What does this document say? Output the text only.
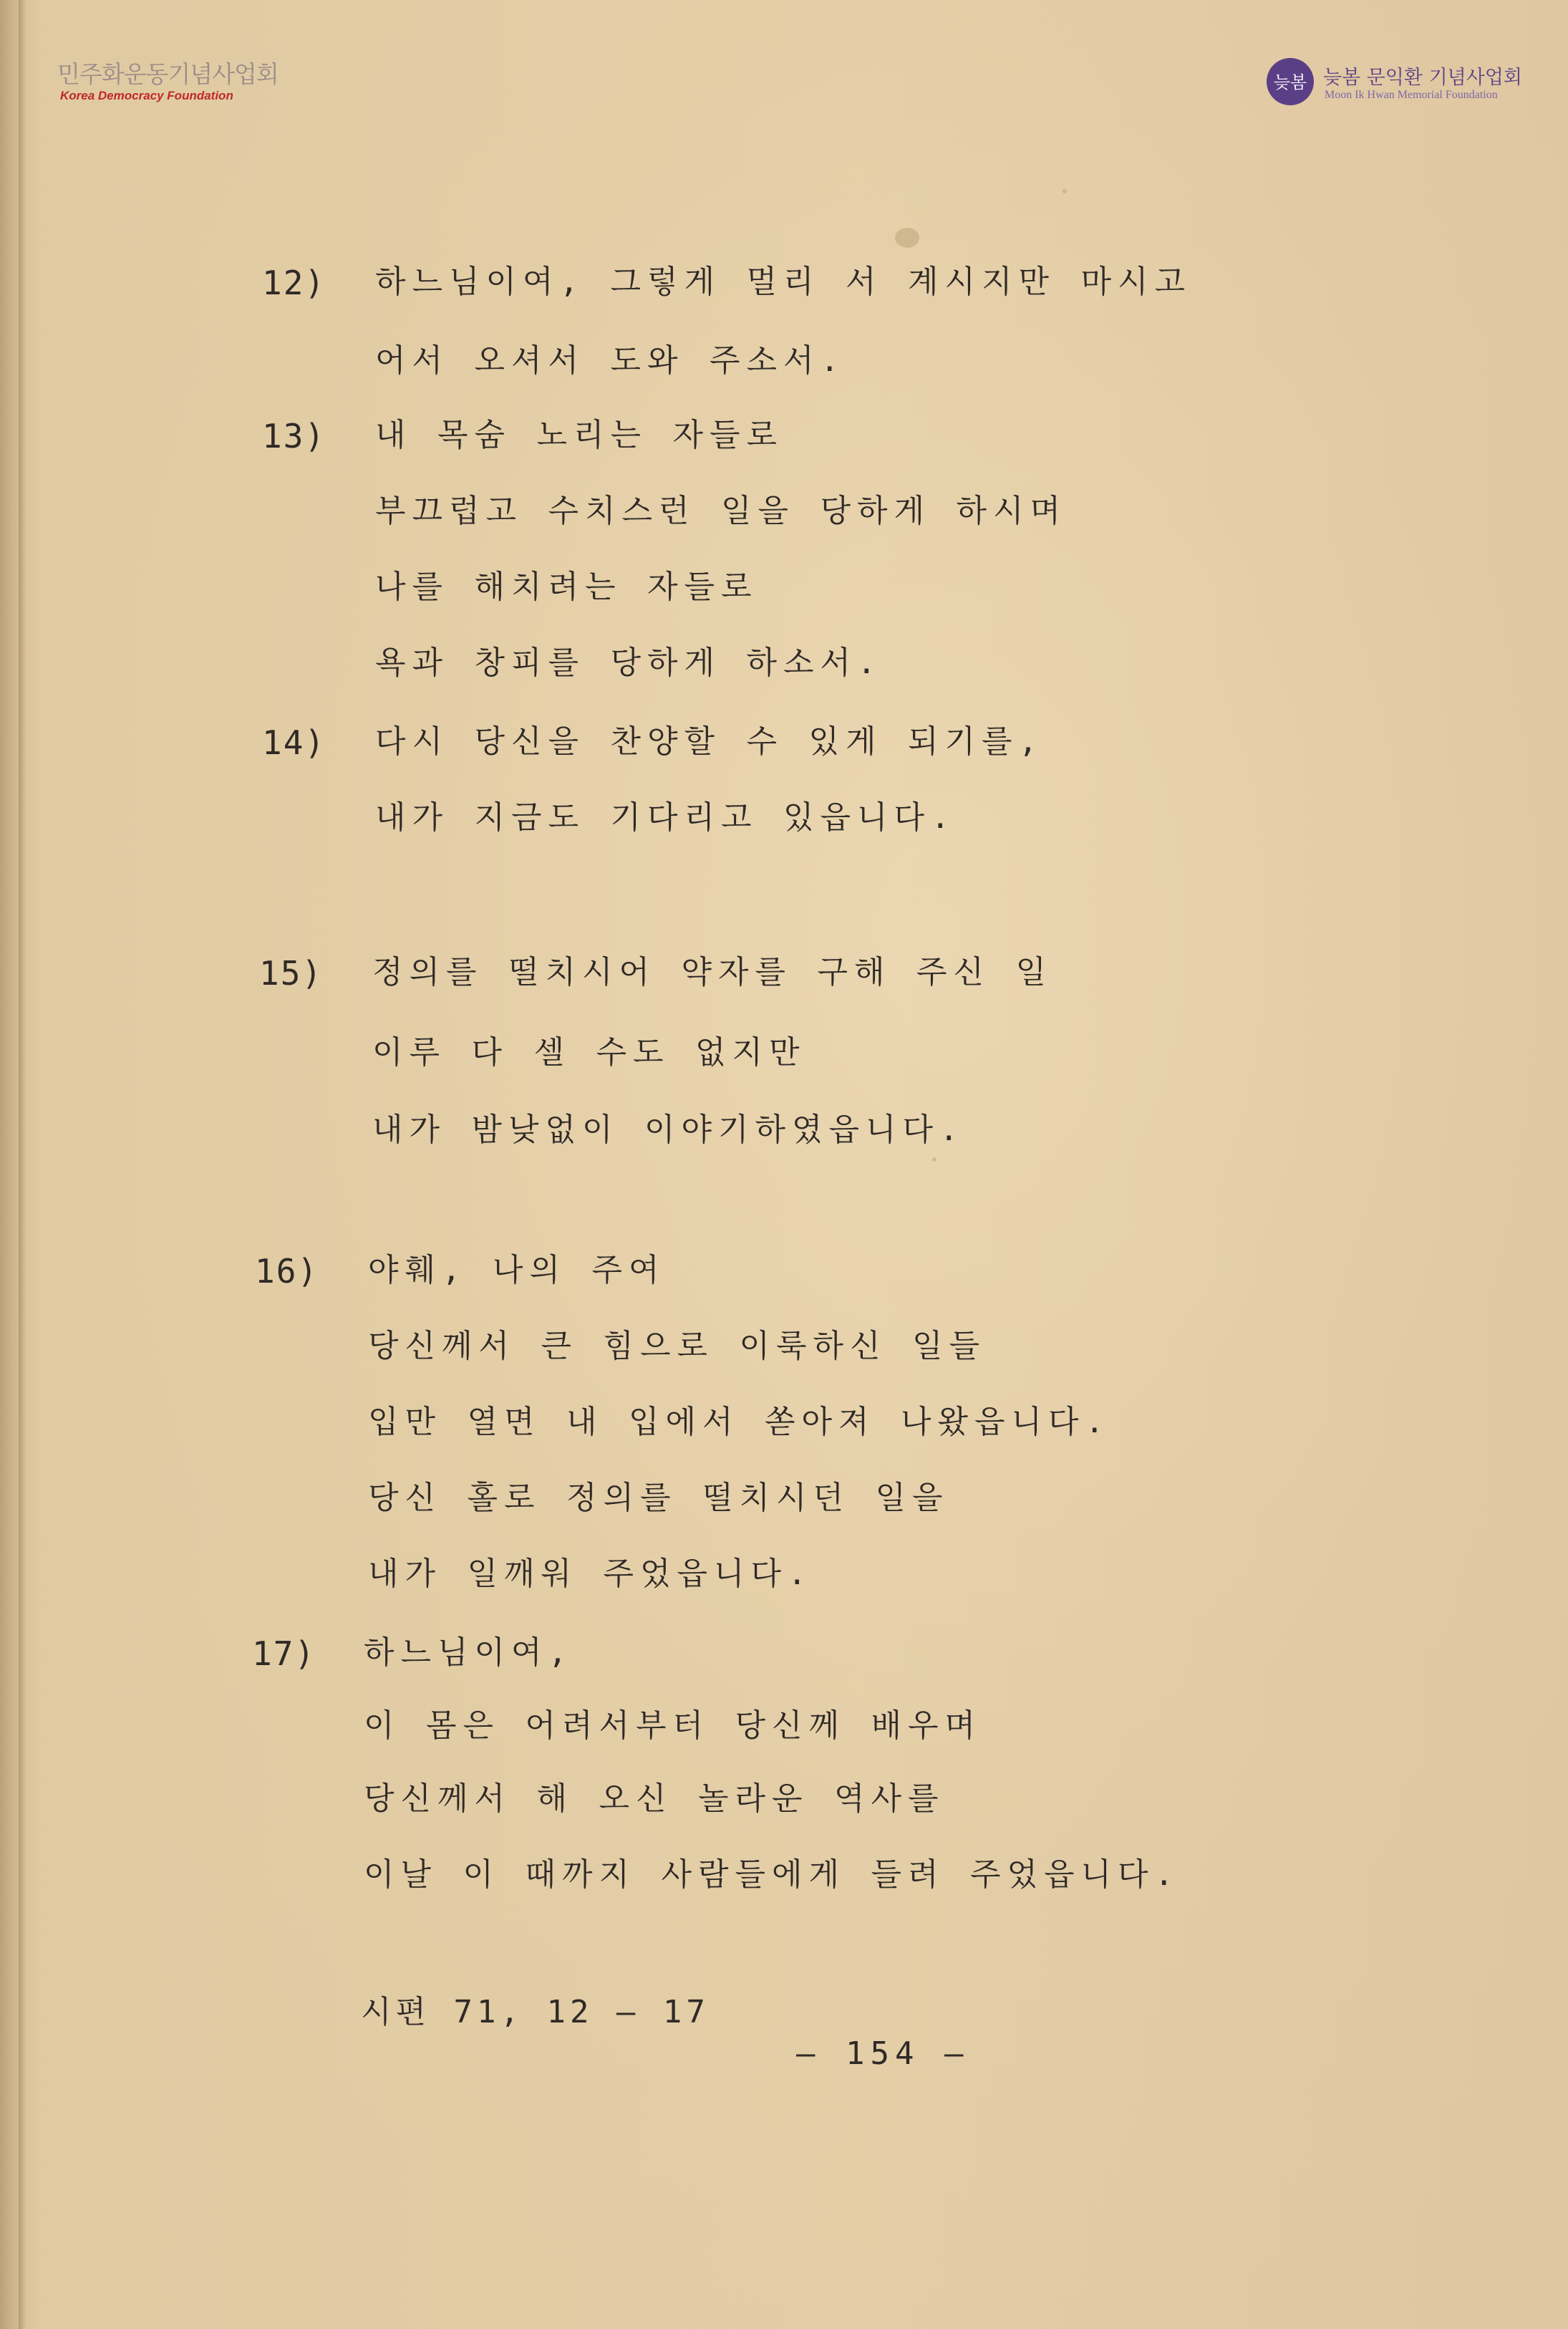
민주화운동기념사업회
Korea Democracy Foundation
늦봄 늦봄 문익환 기념사업회
Moon Ik Hwan Memorial Foundation
12) 하느님이여, 그렇게 멀리 서 계시지만 마시고
어서 오셔서 도와 주소서.
13) 내 목숨 노리는 자들로
부끄럽고 수치스런 일을 당하게 하시며
나를 해치려는 자들로
욕과 창피를 당하게 하소서.
14) 다시 당신을 찬양할 수 있게 되기를,
내가 지금도 기다리고 있읍니다.
15) 정의를 떨치시어 약자를 구해 주신 일
이루 다 셀 수도 없지만
내가 밤낮없이 이야기하였읍니다.
16) 야훼, 나의 주여
당신께서 큰 힘으로 이룩하신 일들
입만 열면 내 입에서 쏟아져 나왔읍니다.
당신 홀로 정의를 떨치시던 일을
내가 일깨워 주었읍니다.
17) 하느님이여,
이 몸은 어려서부터 당신께 배우며
당신께서 해 오신 놀라운 역사를
이날 이 때까지 사람들에게 들려 주었읍니다.
시편 71, 12 — 17
— 154 —
